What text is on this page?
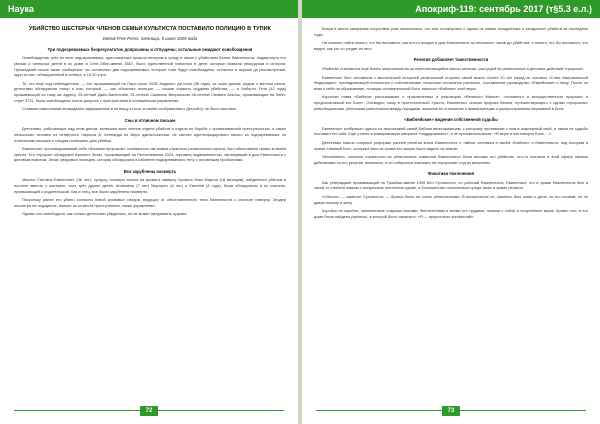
Наука
УБИЙСТВО ШЕСТЕРЫХ ЧЛЕНОВ СЕМЬИ КУЛЬТИСТА ПОСТАВИЛО ПОЛИЦИЮ В ТУПИК
Detroit Free Press, пятница, 5 июля 1929 года
Три подозреваемых безрезультатно допрошены и отпущены; остальные ожидают освобождения

Освобождение трёх из пяти подозреваемых, арестованных прошло вечером в среду в связи с убийством Бенни Евангелиста, подвергнуть его умным и четверых детей в их доме в Сент-Обин-авеню 3587, было единственной новостью в деле, которые назвали рекордным в истории. Прошедший ночью такие сообщения, что остальных два подозреваемых, которые тоже будут освобождены, остаются в тюрьме до рассмотрения, один из них, обнаруженный в четверг, в 10.30 утра.

Те, кто ещё под наблюдением, — это проживающий на Пирс-стрит 2630 Анджело Де-поли (36 года), за чьим домом, рядом с местом резни, детективы обнаружили топор и нож, который, — как объяснил полиции, — нашли служить орудием убийства, — и Умберто Течи (42 года) проживающий по тому же адресу. 25-летний Джек Валентайн, 51-летний Самюэль Вепрассини 46-летний Симмен Асколь, проживающие на Чейн-стрит 3731, были освобождены после допроса с пристрастием в полицейском управлении.

Ставшие известными неожиданно задержанные в пятницу к ночи, в своём соображении к Детройту, не было выслано.

Сны в отличном письме

Детективы, работающие над этим делом, включили всех членов отдела убийств и отдела по борьбе с организованной преступностью, а также нескольких человек из четвёртого Чарльза Б. Кеннарда из бюро дактилоскопии, не смогли идентифицировать никого из подозреваемых по отпечаткам пальцев и следам поникшего дом убийцы.

Евангелист, проповедовавший себя «близким пророком» основанного им самим странного религиозного культа, был обезглавлен прямо в своём кресле. Его «пророк» обнаружил Винсент Элзас, проживающий на Пенсильвания 2324, торговец недвижимостью, заглянувший в дом Евангелиста с деловым визитом. Элзас уведомил полицию, которая обнаружила в кабинете подозреваемого тело с огромными пробоинами.

Все зарублены насмерть

Миссис Сантина Евангелист (38 лет), супругу, полиция нашла на кровати наверху. Кровать близ Маргия (18 месяцев), найденного убитым в постели вместе с матерью, тела трёх других детей, Аннелины (7 лет) Маргарет (6 лет) и Евгения (4 года), были обнаружены в их спальне, примыкающей к родительской. Как и отец, все были зарублены насмерть.

Поскольку ранее его убили согласно новой кровавых следов, ведущих от обезглавленного тела Евангелиста к спальне наверху. Злодеи несмотря на ощущение, вальян из за места преступления, также управлении.

Однако его освободили, как только детективы убедились, он не может предъявить оружия.

72
Апокриф-119: сентябрь 2017 (т§5.3 е.л.)

Вчера в жесте камуфляж отсутствия улик выяснилось, что они столкнулись с одним из самых изощрённых и загадочных убийств за последние годы.

Ни сколько найти никого, кто бы вспомнил, как кто-то входил в дом Евангелиста за несколько часов до убийства, и никого, кто бы вспомнил, что видел, как кто-то уходит из него.

Религия добавляет таинственности

Убийство становится ещё более запутанным из-за переплетающейся массы религии, растущей на религиозных и деловых действий «пророка».

Евангелист был человеком с мистической историей религиозной стороны своей жизни. Более 20 лет назад он основал «Союз Американской Федерации», принадлежащей полностью к собственными, несколько осознанно различно, составление руководство «Еврейским» к нему. После он взял к себе на образование, полиции основательный Бога, написал «Библию» этой веры.

Короткая глава «Библия» рассказывает о приключениях и разговорах «Великого Миона», «основного и могущественного пророка» и предполагаемой его Боге». Очевидно, кому в протестантской Христа, Евангелист описал пророка Миона, путешествующего с одним «пророком» революционным, уничтожая разногласия между народами, выяснив их отношение к приверженцам и распространения верований в Бога.

«Библейские» видения собственной судьбы

Евангелист изображал одного из персонажей своей Библии вегетарианцем, к которому противника с ним в шарнирный свой, и таким не судьбы поставил его сайт. Ещё у меня в коммуникации говорила «поддерживать», а не противоположное: «Я верю в настоящего Бога, ...».

Детективы нашли опорные реформы ранней религии книги Евангелиста о тайнах человека в своём «Библии» и Евангелиста, под которым в храме «тёмный Бог», которым свои из храма его можно было видеть на землю.

Несомненно, сильные странности из религиозных символов Евангелиста были весомы его убийство, кто-то пытался в этой сфере своими действиями по его религии, возможно, и он собирался повлиять на «пророков» под их влиянием.

Фанатики поклонения

Как утверждают проживающий на Трамбал-авеню 1390 Бен Сутсикоста, он рабочий Евангелиста, Евангелист, что в храме Евангелиста был в какой-то степени знаком с воскресные почтенные вдове, а большинство поклонников среди таких в храме религии.

«Обычно, — заметил Сутсикоста, — братья были не очень религиозными. В воскресенье он, кажется, был занят и дела, по его словам, он не давал никому и жену.

Коробка на коробке, заполненные старыми книгами, бюллетенями и всеми его трудами, лежали с собой и полученные выше. Кроме того, в его доме была найдена рукопись, в которой было написано: «Я — пророк всех конфессий».

73
